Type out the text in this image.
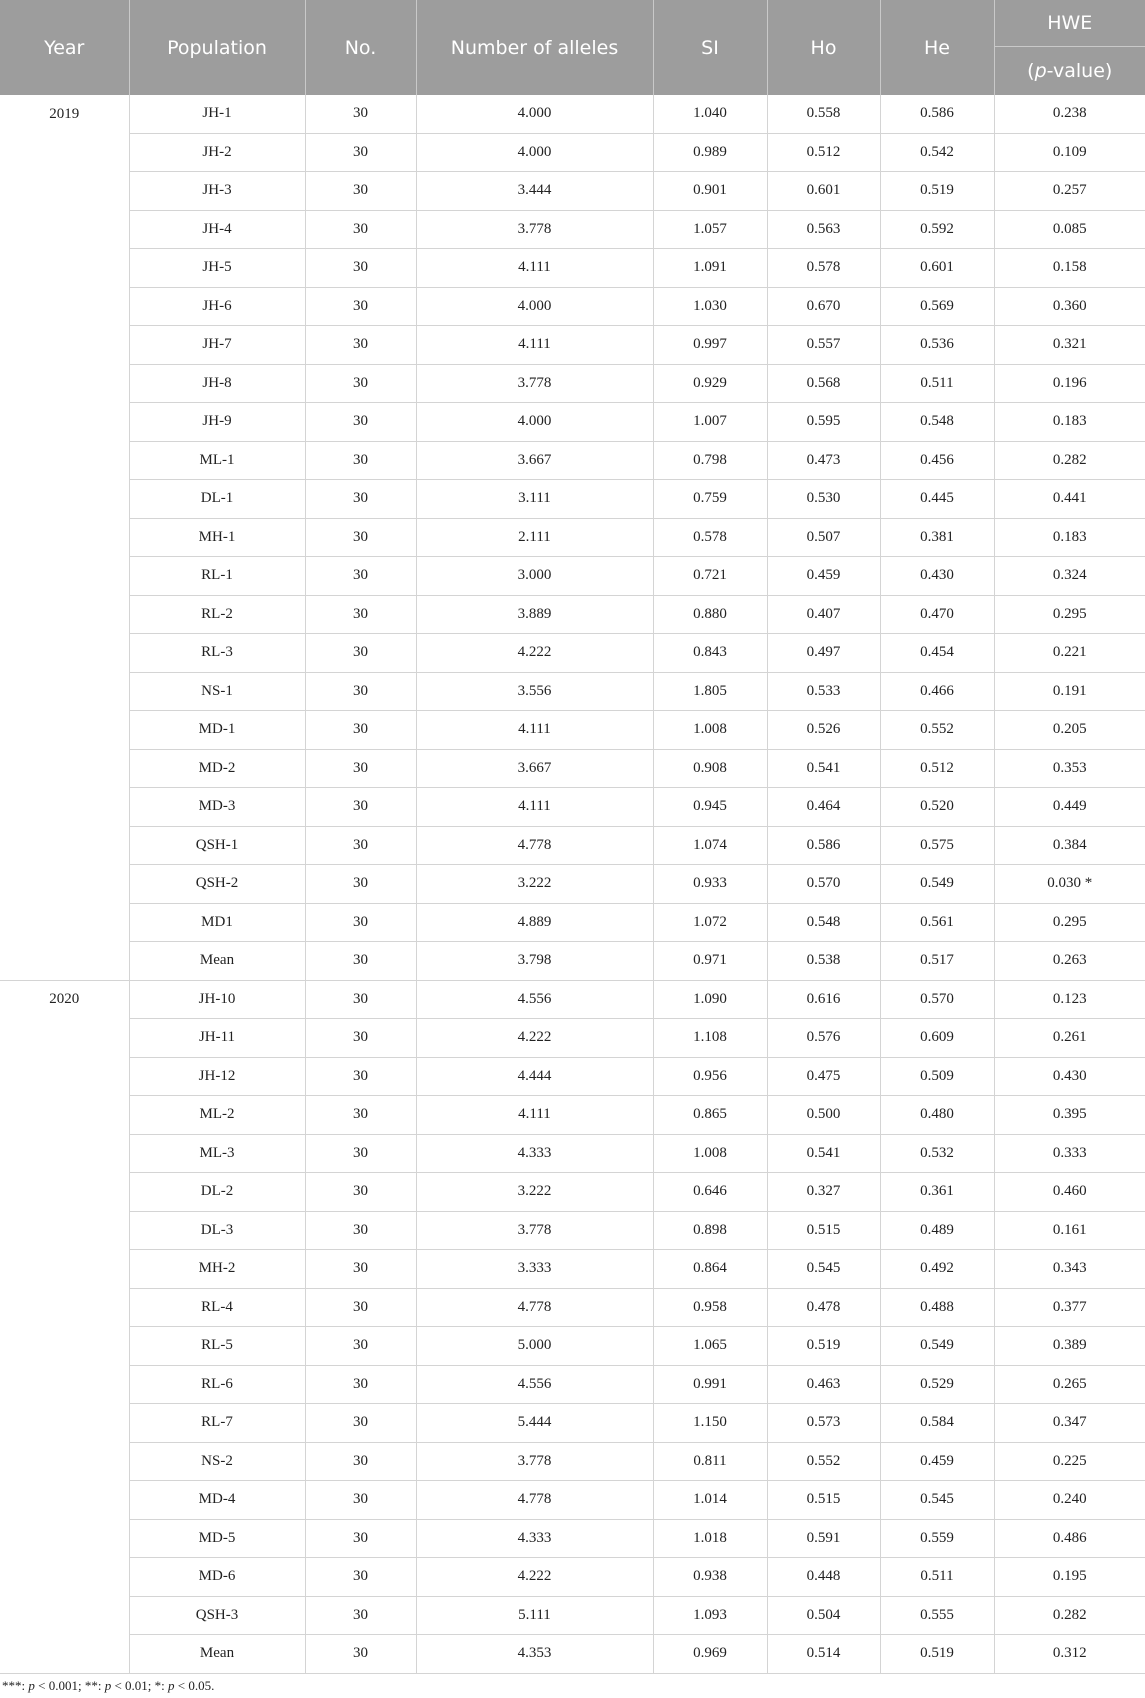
Year	Population	No.	Number of alleles	SI	Ho	He	HWE
							(p-value)
2019	JH-1	30	4.000	1.040	0.558	0.586	0.238
	JH-2	30	4.000	0.989	0.512	0.542	0.109
	JH-3	30	3.444	0.901	0.601	0.519	0.257
	JH-4	30	3.778	1.057	0.563	0.592	0.085
	JH-5	30	4.111	1.091	0.578	0.601	0.158
	JH-6	30	4.000	1.030	0.670	0.569	0.360
	JH-7	30	4.111	0.997	0.557	0.536	0.321
	JH-8	30	3.778	0.929	0.568	0.511	0.196
	JH-9	30	4.000	1.007	0.595	0.548	0.183
	ML-1	30	3.667	0.798	0.473	0.456	0.282
	DL-1	30	3.111	0.759	0.530	0.445	0.441
	MH-1	30	2.111	0.578	0.507	0.381	0.183
	RL-1	30	3.000	0.721	0.459	0.430	0.324
	RL-2	30	3.889	0.880	0.407	0.470	0.295
	RL-3	30	4.222	0.843	0.497	0.454	0.221
	NS-1	30	3.556	1.805	0.533	0.466	0.191
	MD-1	30	4.111	1.008	0.526	0.552	0.205
	MD-2	30	3.667	0.908	0.541	0.512	0.353
	MD-3	30	4.111	0.945	0.464	0.520	0.449
	QSH-1	30	4.778	1.074	0.586	0.575	0.384
	QSH-2	30	3.222	0.933	0.570	0.549	0.030 *
	MD1	30	4.889	1.072	0.548	0.561	0.295
	Mean	30	3.798	0.971	0.538	0.517	0.263
2020	JH-10	30	4.556	1.090	0.616	0.570	0.123
	JH-11	30	4.222	1.108	0.576	0.609	0.261
	JH-12	30	4.444	0.956	0.475	0.509	0.430
	ML-2	30	4.111	0.865	0.500	0.480	0.395
	ML-3	30	4.333	1.008	0.541	0.532	0.333
	DL-2	30	3.222	0.646	0.327	0.361	0.460
	DL-3	30	3.778	0.898	0.515	0.489	0.161
	MH-2	30	3.333	0.864	0.545	0.492	0.343
	RL-4	30	4.778	0.958	0.478	0.488	0.377
	RL-5	30	5.000	1.065	0.519	0.549	0.389
	RL-6	30	4.556	0.991	0.463	0.529	0.265
	RL-7	30	5.444	1.150	0.573	0.584	0.347
	NS-2	30	3.778	0.811	0.552	0.459	0.225
	MD-4	30	4.778	1.014	0.515	0.545	0.240
	MD-5	30	4.333	1.018	0.591	0.559	0.486
	MD-6	30	4.222	0.938	0.448	0.511	0.195
	QSH-3	30	5.111	1.093	0.504	0.555	0.282
	Mean	30	4.353	0.969	0.514	0.519	0.312
***: p < 0.001; **: p < 0.01; *: p < 0.05.
